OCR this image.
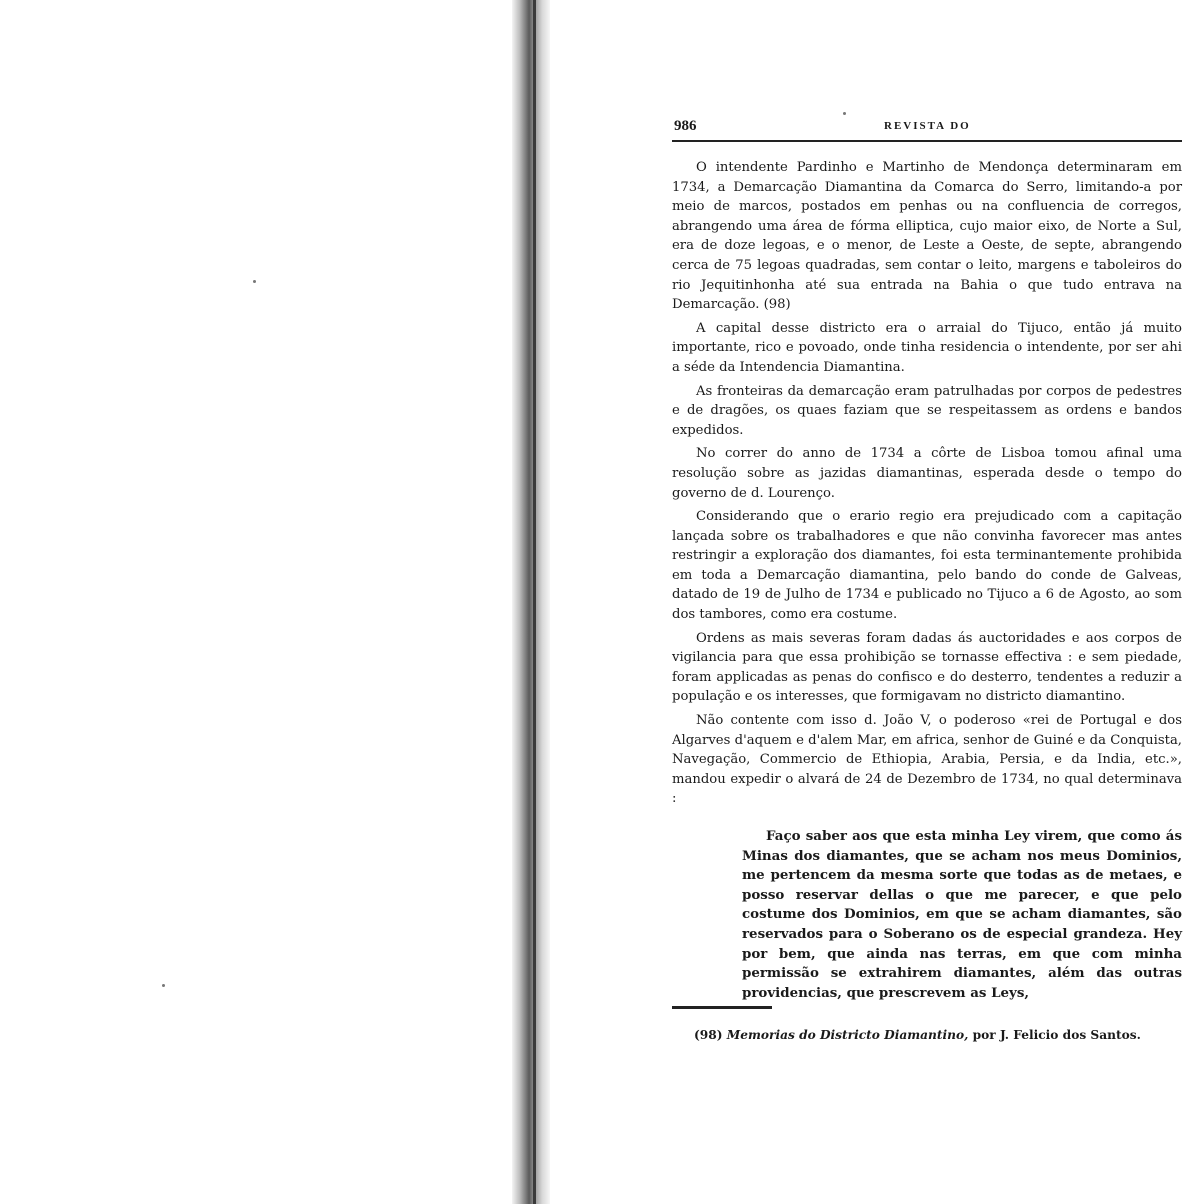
986	REVISTA DO

O intendente Pardinho e Martinho de Mendonça determinaram em 1734, a Demarcação Diamantina da Comarca do Serro, limitando-a por meio de marcos, postados em penhas ou na confluencia de corregos, abrangendo uma área de fórma elliptica, cujo maior eixo, de Norte a Sul, era de doze legoas, e o menor, de Leste a Oeste, de septe, abrangendo cerca de 75 legoas quadradas, sem contar o leito, margens e taboleiros do rio Jequitinhonha até sua entrada na Bahia o que tudo entrava na Demarcação. (98)

A capital desse districto era o arraial do Tijuco, então já muito importante, rico e povoado, onde tinha residencia o intendente, por ser ahi a séde da Intendencia Diamantina.

As fronteiras da demarcação eram patrulhadas por corpos de pedestres e de dragões, os quaes faziam que se respeitassem as ordens e bandos expedidos.

No correr do anno de 1734 a côrte de Lisboa tomou afinal uma resolução sobre as jazidas diamantinas, esperada desde o tempo do governo de d. Lourenço.

Considerando que o erario regio era prejudicado com a capitação lançada sobre os trabalhadores e que não convinha favorecer mas antes restringir a exploração dos diamantes, foi esta terminantemente prohibida em toda a Demarcação diamantina, pelo bando do conde de Galveas, datado de 19 de Julho de 1734 e publicado no Tijuco a 6 de Agosto, ao som dos tambores, como era costume.

Ordens as mais severas foram dadas ás auctoridades e aos corpos de vigilancia para que essa prohibição se tornasse effectiva : e sem piedade, foram applicadas as penas do confisco e do desterro, tendentes a reduzir a população e os interesses, que formigavam no districto diamantino.

Não contente com isso d. João V, o poderoso «rei de Portugal e dos Algarves d'aquem e d'alem Mar, em africa, senhor de Guiné e da Conquista, Navegação, Commercio de Ethiopia, Arabia, Persia, e da India, etc.», mandou expedir o alvará de 24 de Dezembro de 1734, no qual determinava :

Faço saber aos que esta minha Ley virem, que como ás Minas dos diamantes, que se acham nos meus Dominios, me pertencem da mesma sorte que todas as de metaes, e posso reservar dellas o que me parecer, e que pelo costume dos Dominios, em que se acham diamantes, são reservados para o Soberano os de especial grandeza. Hey por bem, que ainda nas terras, em que com minha permissão se extrahirem diamantes, além das outras providencias, que prescrevem as Leys,

(98) Memorias do Districto Diamantino, por J. Felicio dos Santos.
